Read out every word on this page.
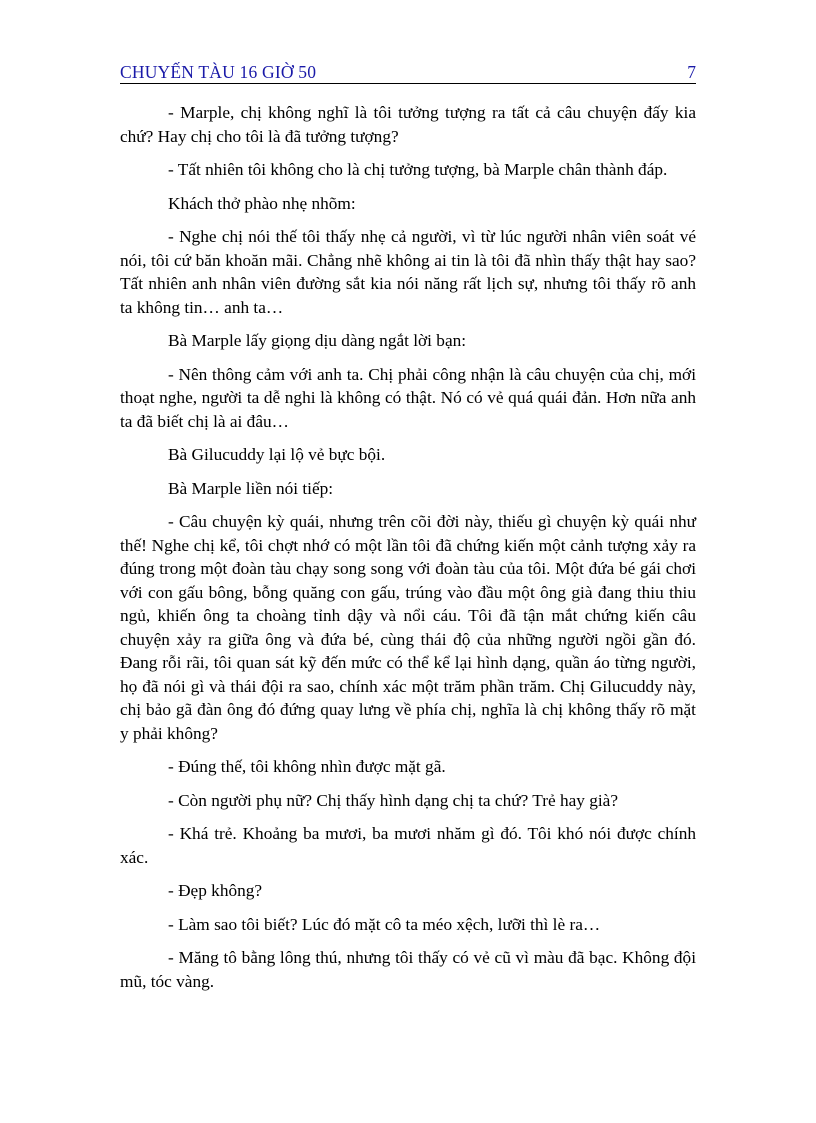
CHUYẾN TÀU 16 GIỜ 50	7

- Marple, chị không nghĩ là tôi tưởng tượng ra tất cả câu chuyện đấy kia chứ? Hay chị cho tôi là đã tưởng tượng?

- Tất nhiên tôi không cho là chị tưởng tượng, bà Marple chân thành đáp.

Khách thở phào nhẹ nhõm:

- Nghe chị nói thế tôi thấy nhẹ cả người, vì từ lúc người nhân viên soát vé nói, tôi cứ băn khoăn mãi. Chẳng nhẽ không ai tin là tôi đã nhìn thấy thật hay sao? Tất nhiên anh nhân viên đường sắt kia nói năng rất lịch sự, nhưng tôi thấy rõ anh ta không tin… anh ta…

Bà Marple lấy giọng dịu dàng ngắt lời bạn:

- Nên thông cảm với anh ta. Chị phải công nhận là câu chuyện của chị, mới thoạt nghe, người ta dễ nghi là không có thật. Nó có vẻ quá quái đản. Hơn nữa anh ta đã biết chị là ai đâu…

Bà Gilucuddy lại lộ vẻ bực bội.

Bà Marple liền nói tiếp:

- Câu chuyện kỳ quái, nhưng trên cõi đời này, thiếu gì chuyện kỳ quái như thế! Nghe chị kể, tôi chợt nhớ có một lần tôi đã chứng kiến một cảnh tượng xảy ra đúng trong một đoàn tàu chạy song song với đoàn tàu của tôi. Một đứa bé gái chơi với con gấu bông, bỗng quăng con gấu, trúng vào đầu một ông già đang thiu thiu ngủ, khiến ông ta choàng tỉnh dậy và nổi cáu. Tôi đã tận mắt chứng kiến câu chuyện xảy ra giữa ông và đứa bé, cùng thái độ của những người ngồi gần đó. Đang rỗi rãi, tôi quan sát kỹ đến mức có thể kể lại hình dạng, quần áo từng người, họ đã nói gì và thái đội ra sao, chính xác một trăm phần trăm. Chị Gilucuddy này, chị bảo gã đàn ông đó đứng quay lưng về phía chị, nghĩa là chị không thấy rõ mặt y phải không?

- Đúng thế, tôi không nhìn được mặt gã.

- Còn người phụ nữ? Chị thấy hình dạng chị ta chứ? Trẻ hay già?

- Khá trẻ. Khoảng ba mươi, ba mươi nhăm gì đó. Tôi khó nói được chính xác.

- Đẹp không?

- Làm sao tôi biết? Lúc đó mặt cô ta méo xệch, lưỡi thì lè ra…

- Măng tô bằng lông thú, nhưng tôi thấy có vẻ cũ vì màu đã bạc. Không đội mũ, tóc vàng.
